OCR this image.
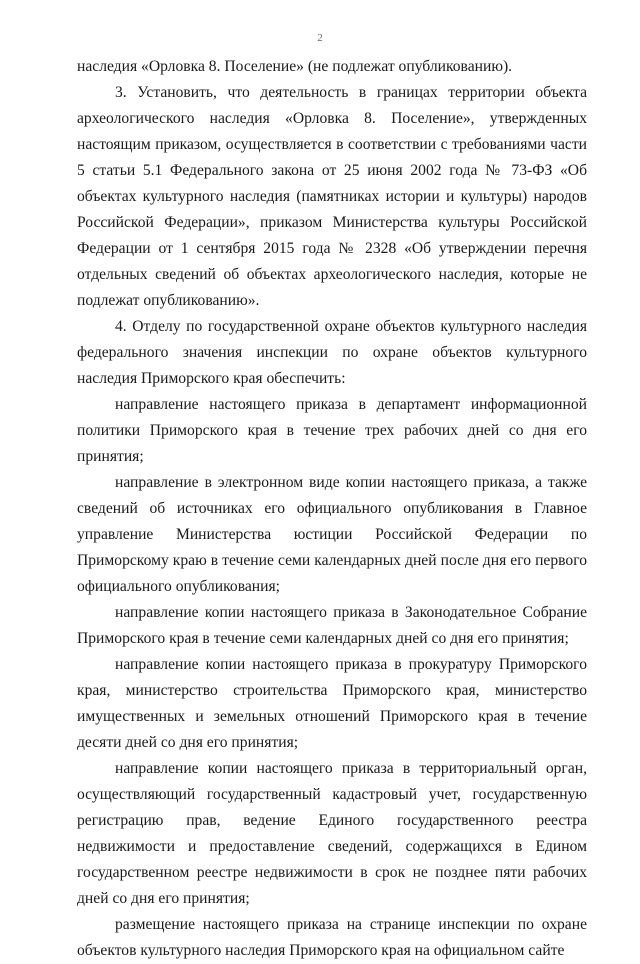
2

наследия «Орловка 8. Поселение» (не подлежат опубликованию).

3. Установить, что деятельность в границах территории объекта археологического наследия «Орловка 8. Поселение», утвержденных настоящим приказом, осуществляется в соответствии с требованиями части 5 статьи 5.1 Федерального закона от 25 июня 2002 года № 73-ФЗ «Об объектах культурного наследия (памятниках истории и культуры) народов Российской Федерации», приказом Министерства культуры Российской Федерации от 1 сентября 2015 года № 2328 «Об утверждении перечня отдельных сведений об объектах археологического наследия, которые не подлежат опубликованию».

4. Отделу по государственной охране объектов культурного наследия федерального значения инспекции по охране объектов культурного наследия Приморского края обеспечить:

направление настоящего приказа в департамент информационной политики Приморского края в течение трех рабочих дней со дня его принятия;

направление в электронном виде копии настоящего приказа, а также сведений об источниках его официального опубликования в Главное управление Министерства юстиции Российской Федерации по Приморскому краю в течение семи календарных дней после дня его первого официального опубликования;

направление копии настоящего приказа в Законодательное Собрание Приморского края в течение семи календарных дней со дня его принятия;

направление копии настоящего приказа в прокуратуру Приморского края, министерство строительства Приморского края, министерство имущественных и земельных отношений Приморского края в течение десяти дней со дня его принятия;

направление копии настоящего приказа в территориальный орган, осуществляющий государственный кадастровый учет, государственную регистрацию прав, ведение Единого государственного реестра недвижимости и предоставление сведений, содержащихся в Едином государственном реестре недвижимости в срок не позднее пяти рабочих дней со дня его принятия;

размещение настоящего приказа на странице инспекции по охране объектов культурного наследия Приморского края на официальном сайте
